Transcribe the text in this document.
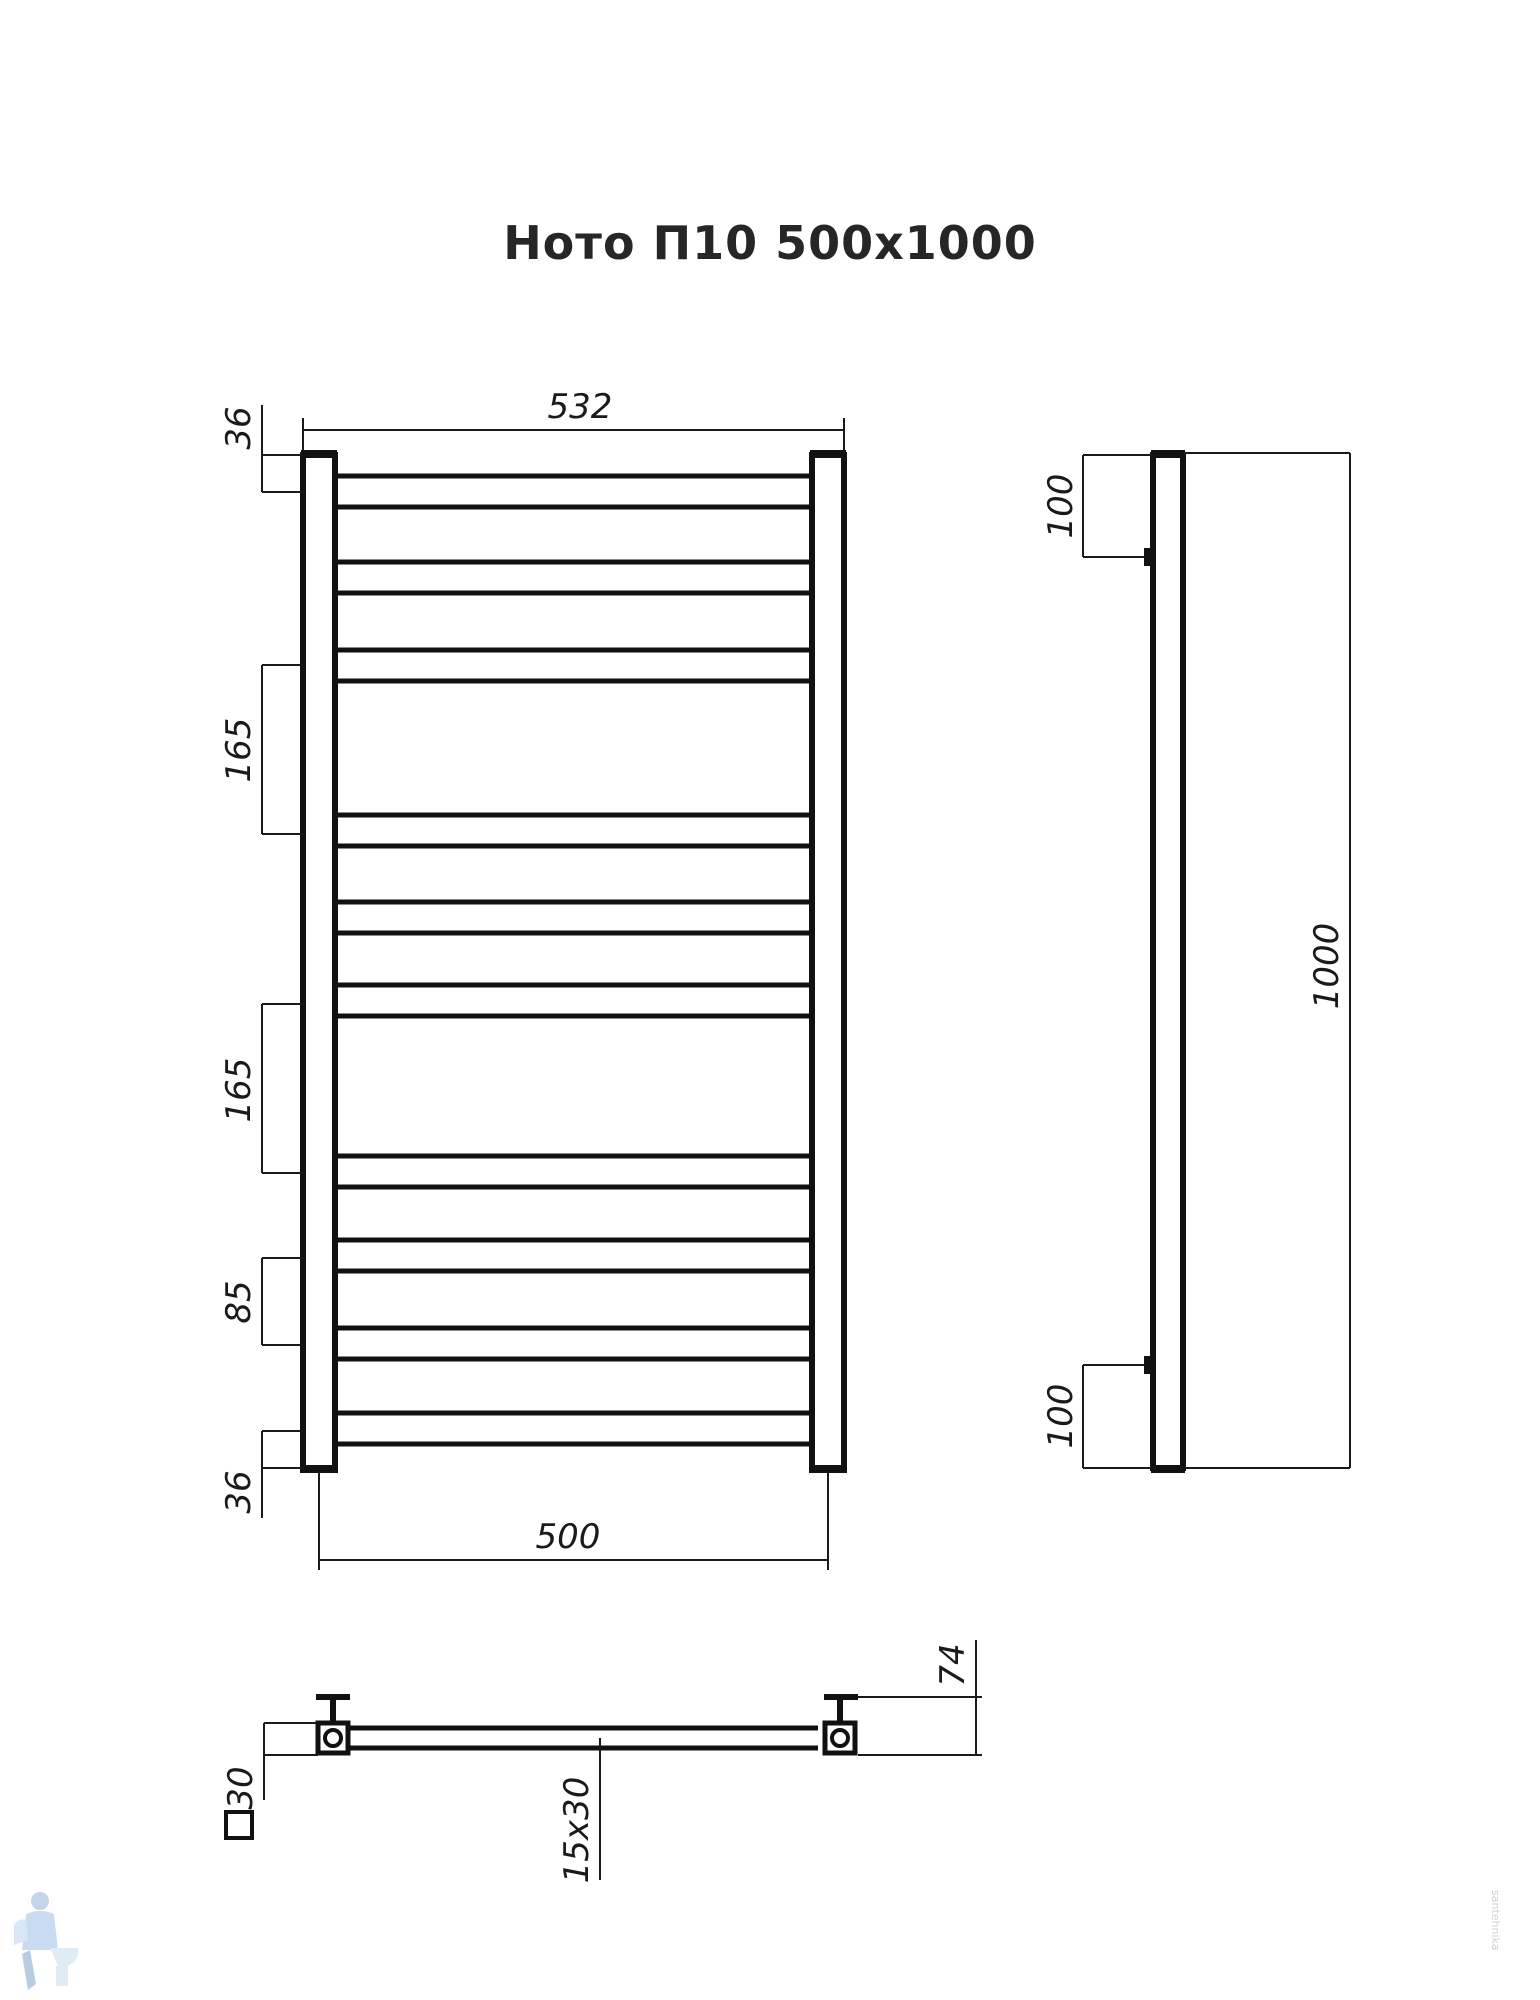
Ното П10 500x1000
532
500
36
165
165
85
36
100
100
1000
74
15x30
30
santehnika
